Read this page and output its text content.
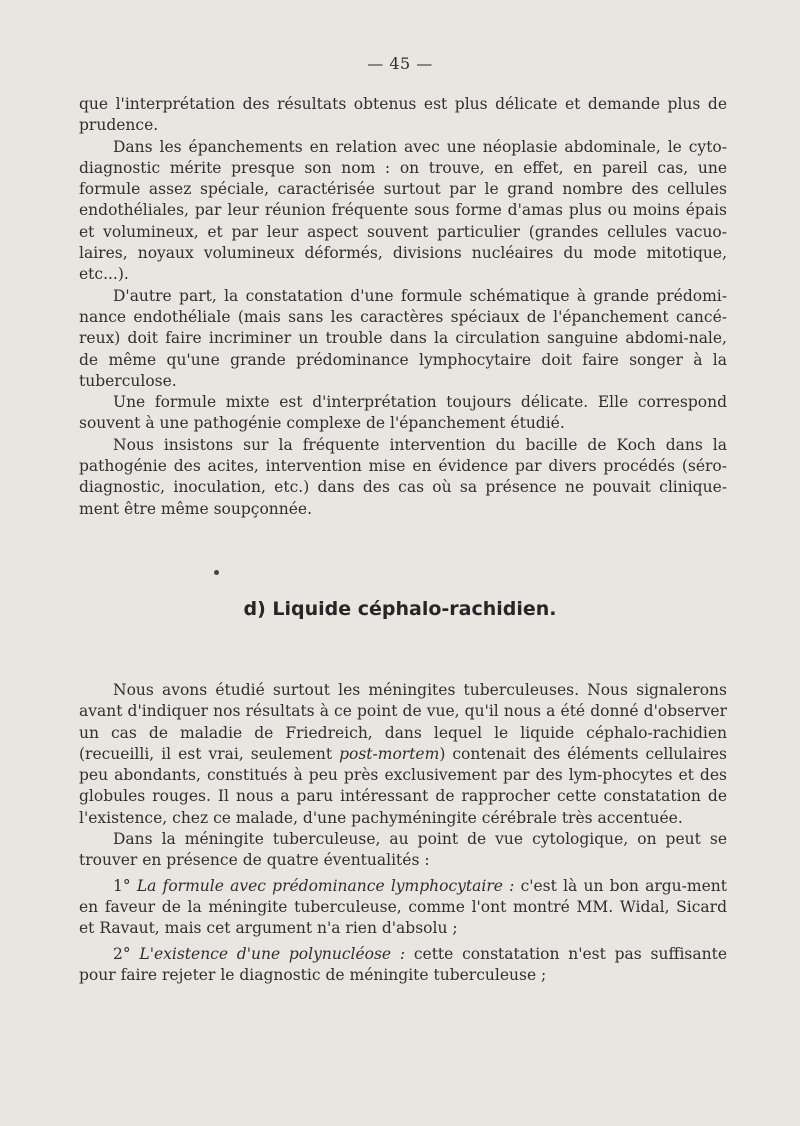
— 45 —

que l'interprétation des résultats obtenus est plus délicate et demande plus de prudence.

Dans les épanchements en relation avec une néoplasie abdominale, le cyto-diagnostic mérite presque son nom : on trouve, en effet, en pareil cas, une formule assez spéciale, caractérisée surtout par le grand nombre des cellules endothéliales, par leur réunion fréquente sous forme d'amas plus ou moins épais et volumineux, et par leur aspect souvent particulier (grandes cellules vacuo-laires, noyaux volumineux déformés, divisions nucléaires du mode mitotique, etc...).

D'autre part, la constatation d'une formule schématique à grande prédomi-nance endothéliale (mais sans les caractères spéciaux de l'épanchement cancé-reux) doit faire incriminer un trouble dans la circulation sanguine abdomi-nale, de même qu'une grande prédominance lymphocytaire doit faire songer à la tuberculose.

Une formule mixte est d'interprétation toujours délicate. Elle correspond souvent à une pathogénie complexe de l'épanchement étudié.

Nous insistons sur la fréquente intervention du bacille de Koch dans la pathogénie des acites, intervention mise en évidence par divers procédés (séro-diagnostic, inoculation, etc.) dans des cas où sa présence ne pouvait clinique-ment être même soupçonnée.

d) Liquide céphalo-rachidien.

Nous avons étudié surtout les méningites tuberculeuses. Nous signalerons avant d'indiquer nos résultats à ce point de vue, qu'il nous a été donné d'observer un cas de maladie de Friedreich, dans lequel le liquide céphalo-rachidien (recueilli, il est vrai, seulement post-mortem) contenait des éléments cellulaires peu abondants, constitués à peu près exclusivement par des lym-phocytes et des globules rouges. Il nous a paru intéressant de rapprocher cette constatation de l'existence, chez ce malade, d'une pachyméningite cérébrale très accentuée.

Dans la méningite tuberculeuse, au point de vue cytologique, on peut se trouver en présence de quatre éventualités :

1° La formule avec prédominance lymphocytaire : c'est là un bon argu-ment en faveur de la méningite tuberculeuse, comme l'ont montré MM. Widal, Sicard et Ravaut, mais cet argument n'a rien d'absolu ;

2° L'existence d'une polynucléose : cette constatation n'est pas suffisante pour faire rejeter le diagnostic de méningite tuberculeuse ;
